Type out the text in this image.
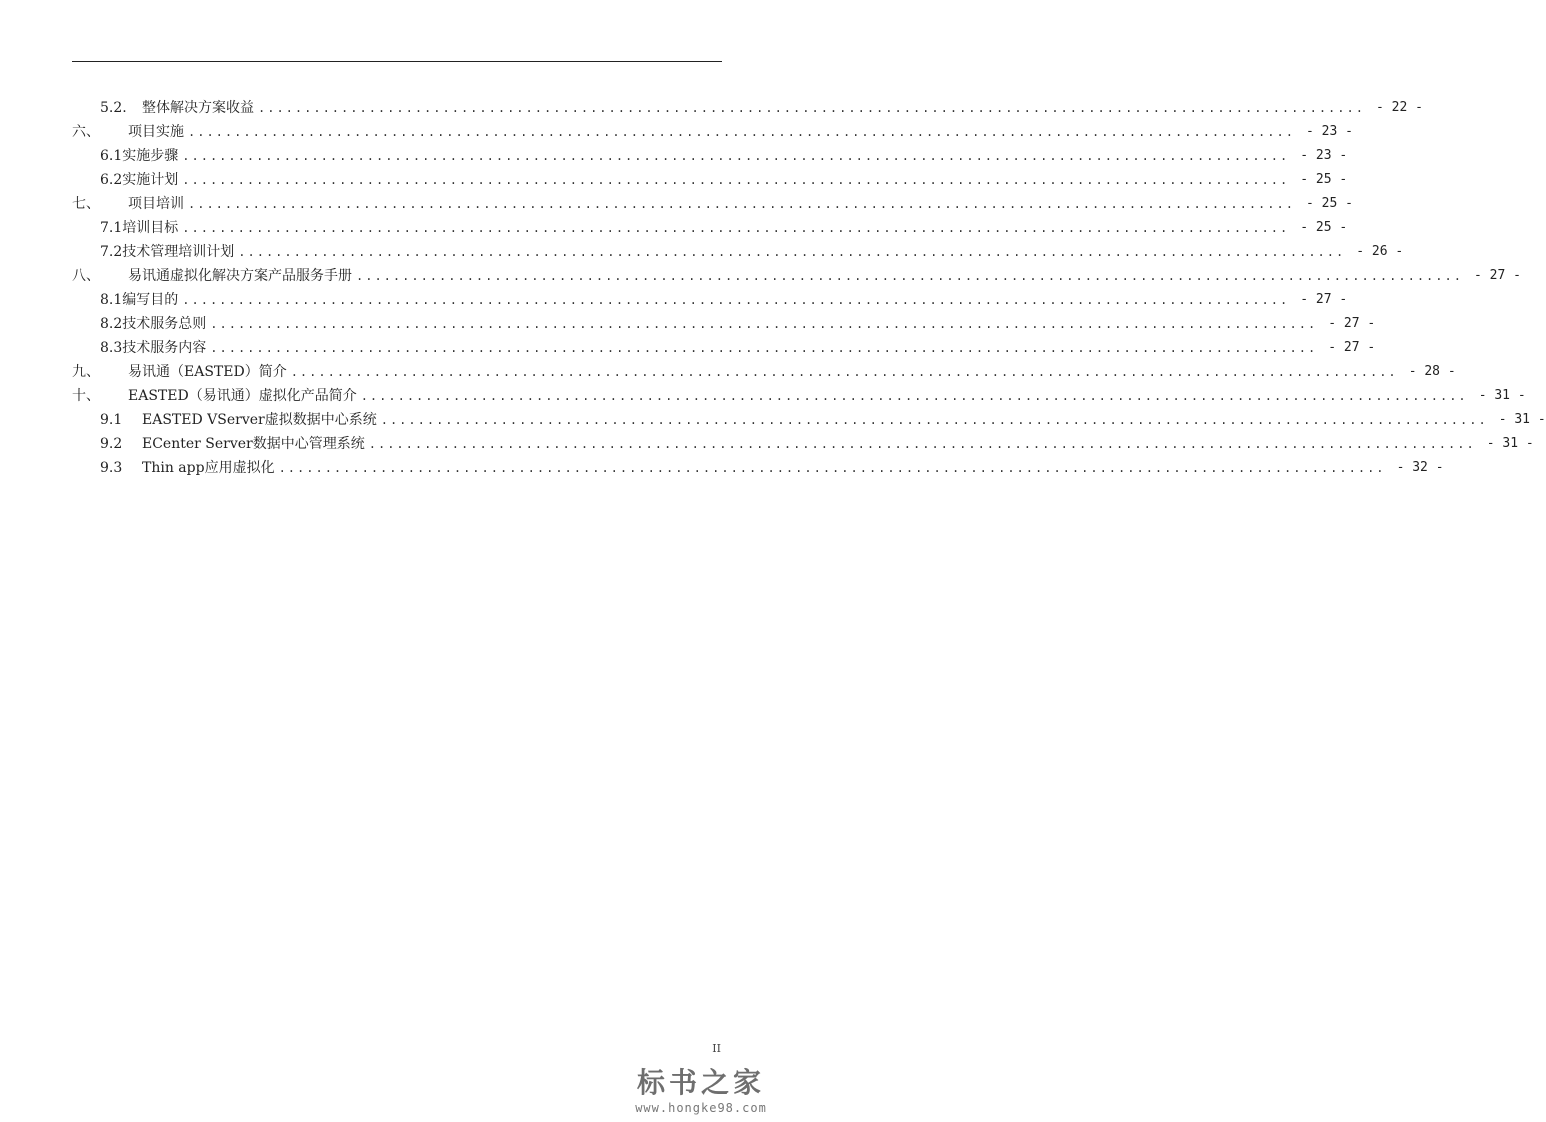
5.2.	整体解决方案收益 ........................................................................................................................ - 22 -
六、	项目实施 ........................................................................................................................ - 23 -
6.1 实施步骤 ........................................................................................................................ - 23 -
6.2 实施计划 ........................................................................................................................ - 25 -
七、	项目培训 ........................................................................................................................ - 25 -
7.1 培训目标 ........................................................................................................................ - 25 -
7.2 技术管理培训计划 ........................................................................................................................ - 26 -
八、	易讯通虚拟化解决方案产品服务手册 ........................................................................................................................ - 27 -
8.1 编写目的 ........................................................................................................................ - 27 -
8.2 技术服务总则 ........................................................................................................................ - 27 -
8.3 技术服务内容 ........................................................................................................................ - 27 -
九、	易讯通（EASTED）简介 ........................................................................................................................ - 28 -
十、	EASTED（易讯通）虚拟化产品简介 ........................................................................................................................ - 31 -
9.1	EASTED VServer虚拟数据中心系统 ........................................................................................................................ - 31 -
9.2	ECenter Server数据中心管理系统 ........................................................................................................................ - 31 -
9.3	Thin app应用虚拟化 ........................................................................................................................ - 32 -
II
标书之家
www.hongke98.com
